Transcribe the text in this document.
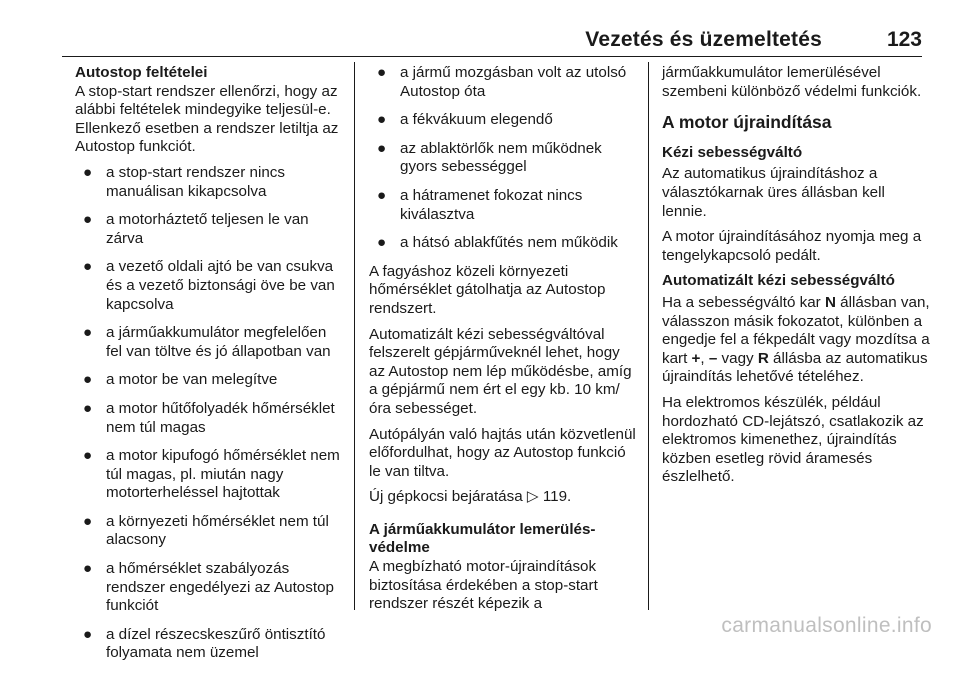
Vezetés és üzemeltetés	123

Autostop feltételei

A stop-start rendszer ellenőrzi, hogy az alábbi feltételek mindegyike teljesül-e. Ellenkező esetben a rendszer letiltja az Autostop funkciót.

● a stop-start rendszer nincs manuálisan kikapcsolva
● a motorháztető teljesen le van zárva
● a vezető oldali ajtó be van csukva és a vezető biztonsági öve be van kapcsolva
● a járműakkumulátor megfelelően fel van töltve és jó állapotban van
● a motor be van melegítve
● a motor hűtőfolyadék hőmérséklet nem túl magas
● a motor kipufogó hőmérséklet nem túl magas, pl. miután nagy motorterheléssel hajtottak
● a környezeti hőmérséklet nem túl alacsony
● a hőmérséklet szabályozás rendszer engedélyezi az Autostop funkciót
● a dízel részecskeszűrő öntisztító folyamata nem üzemel
● a jármű mozgásban volt az utolsó Autostop óta
● a fékvákuum elegendő
● az ablaktörlők nem működnek gyors sebességgel
● a hátramenet fokozat nincs kiválasztva
● a hátsó ablakfűtés nem működik

A fagyáshoz közeli környezeti hőmérséklet gátolhatja az Autostop rendszert.

Automatizált kézi sebességváltóval felszerelt gépjárműveknél lehet, hogy az Autostop nem lép működésbe, amíg a gépjármű nem ért el egy kb. 10 km/óra sebességet.

Autópályán való hajtás után közvetlenül előfordulhat, hogy az Autostop funkció le van tiltva.

Új gépkocsi bejáratása ▷ 119.

A járműakkumulátor lemerülés-védelme

A megbízható motor-újraindítások biztosítása érdekében a stop-start rendszer részét képezik a

járműakkumulátor lemerülésével szembeni különböző védelmi funkciók.

A motor újraindítása

Kézi sebességváltó

Az automatikus újraindításhoz a választókarnak üres állásban kell lennie.

A motor újraindításához nyomja meg a tengelykapcsoló pedált.

Automatizált kézi sebességváltó

Ha a sebességváltó kar N állásban van, válasszon másik fokozatot, különben a engedje fel a fékpedált vagy mozdítsa a kart +, – vagy R állásba az automatikus újraindítás lehetővé tételéhez.

Ha elektromos készülék, például hordozható CD-lejátszó, csatlakozik az elektromos kimenethez, újraindítás közben esetleg rövid áramesés észlelhető.

carmanualsonline.info
